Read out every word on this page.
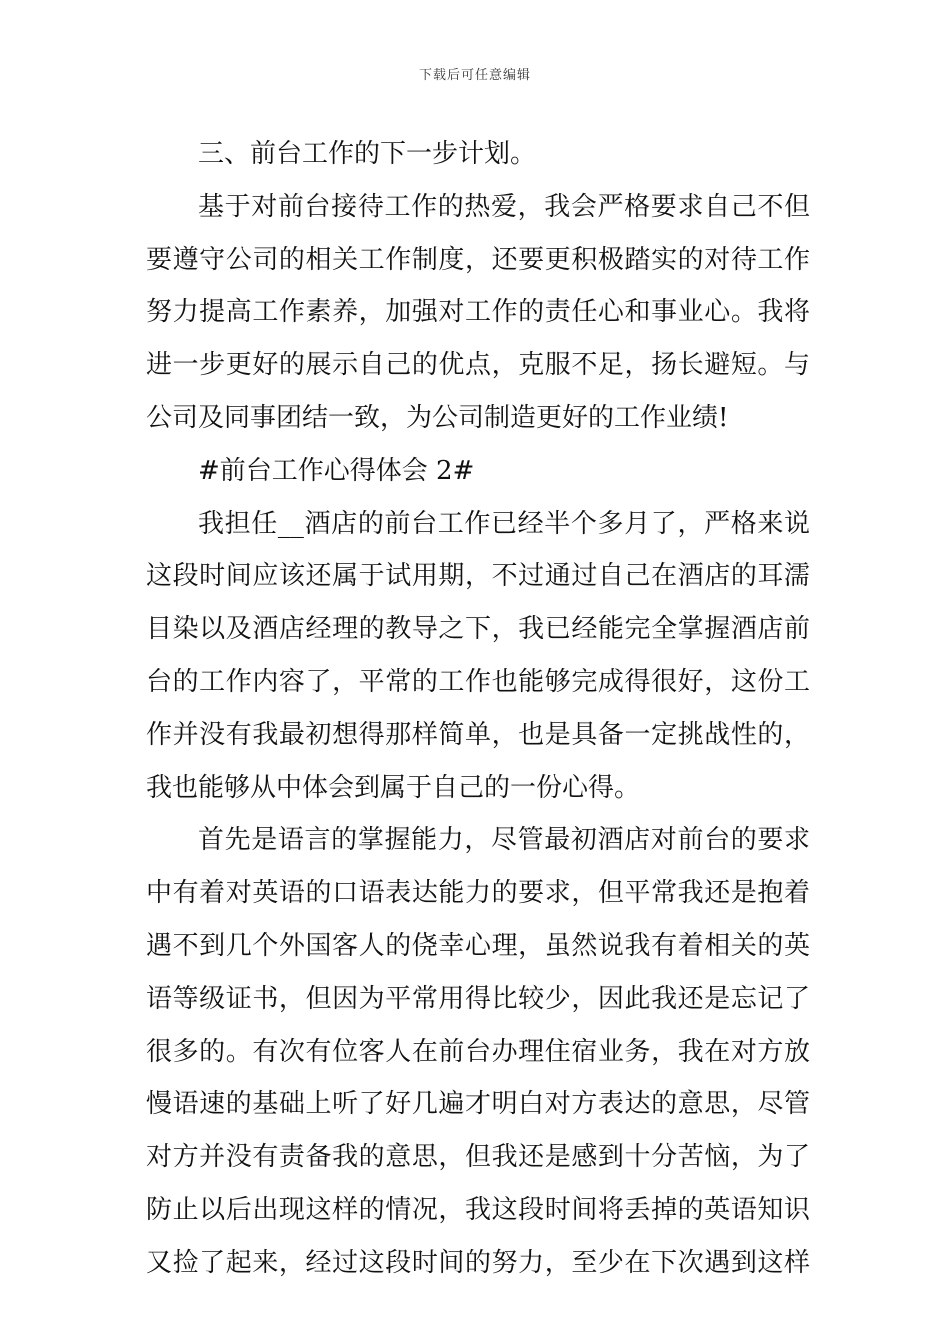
下载后可任意编辑
三、前台工作的下一步计划。
基于对前台接待工作的热爱，我会严格要求自己不但
要遵守公司的相关工作制度，还要更积极踏实的对待工作
努力提高工作素养，加强对工作的责任心和事业心。我将
进一步更好的展示自己的优点，克服不足，扬长避短。与
公司及同事团结一致，为公司制造更好的工作业绩!
#前台工作心得体会 2#
我担任__酒店的前台工作已经半个多月了，严格来说
这段时间应该还属于试用期，不过通过自己在酒店的耳濡
目染以及酒店经理的教导之下，我已经能完全掌握酒店前
台的工作内容了，平常的工作也能够完成得很好，这份工
作并没有我最初想得那样简单，也是具备一定挑战性的，
我也能够从中体会到属于自己的一份心得。
首先是语言的掌握能力，尽管最初酒店对前台的要求
中有着对英语的口语表达能力的要求，但平常我还是抱着
遇不到几个外国客人的侥幸心理，虽然说我有着相关的英
语等级证书，但因为平常用得比较少，因此我还是忘记了
很多的。有次有位客人在前台办理住宿业务，我在对方放
慢语速的基础上听了好几遍才明白对方表达的意思，尽管
对方并没有责备我的意思，但我还是感到十分苦恼，为了
防止以后出现这样的情况，我这段时间将丢掉的英语知识
又捡了起来，经过这段时间的努力，至少在下次遇到这样
